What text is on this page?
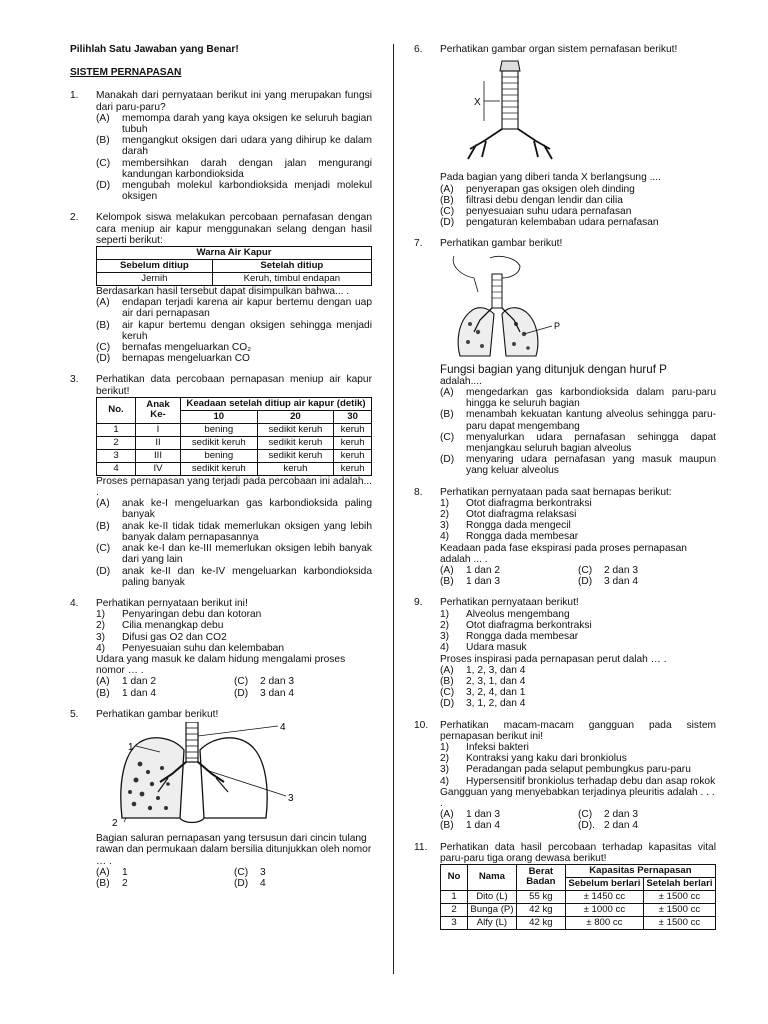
Pilihlah Satu Jawaban yang Benar!
SISTEM PERNAPASAN
1. Manakah dari pernyataan berikut ini yang merupakan fungsi dari paru-paru?
(A) memompa darah yang kaya oksigen ke seluruh bagian tubuh
(B) mengangkut oksigen dari udara yang dihirup ke dalam darah
(C) membersihkan darah dengan jalan mengurangi kandungan karbondioksida
(D) mengubah molekul karbondioksida menjadi molekul oksigen
2. Kelompok siswa melakukan percobaan pernafasan dengan cara meniup air kapur menggunakan selang dengan hasil seperti berikut:
Warna Air Kapur	
Sebelum ditiup	Setelah ditiup
Jernih	Keruh, timbul endapan
Berdasarkan hasil tersebut dapat disimpulkan bahwa... .
(A) endapan terjadi karena air kapur bertemu dengan uap air dari pernapasan
(B) air kapur bertemu dengan oksigen sehingga menjadi keruh
(C) bernafas mengeluarkan CO₂
(D) bernapas mengeluarkan CO
3. Perhatikan data percobaan pernapasan meniup air kapur berikut!
No.	Anak Ke-	Keadaan setelah ditiup air kapur (detik)		
		10	20	30
1	I	bening	sedikit keruh	keruh
2	II	sedikit keruh	sedikit keruh	keruh
3	III	bening	sedikit keruh	keruh
4	IV	sedikit keruh	keruh	keruh
Proses pernapasan yang terjadi pada percobaan ini adalah... .
(A) anak ke-I mengeluarkan gas karbondioksida paling banyak
(B) anak ke-II tidak tidak memerlukan oksigen yang lebih banyak dalam pernapasannya
(C) anak ke-I dan ke-III memerlukan oksigen lebih banyak dari yang lain
(D) anak ke-II dan ke-IV mengeluarkan karbondioksida paling banyak
4. Perhatikan pernyataan berikut ini!
1) Penyaringan debu dan kotoran
2) Cilia menangkap debu
3) Difusi gas O2 dan CO2
4) Penyesuaian suhu dan kelembaban
Udara yang masuk ke dalam hidung mengalami proses nomor … .
(A) 1 dan 2	(C) 2 dan 3
(B) 1 dan 4	(D) 3 dan 4
5. Perhatikan gambar berikut!
1
2
3
4
Bagian saluran pernapasan yang tersusun dari cincin tulang rawan dan permukaan dalam bersilia ditunjukkan oleh nomor … .
(A) 1	(C) 3
(B) 2	(D) 4
6. Perhatikan gambar organ sistem pernafasan berikut!
X
Pada bagian yang diberi tanda X berlangsung ....
(A) penyerapan gas oksigen oleh dinding
(B) filtrasi debu dengan lendir dan cilia
(C) penyesuaian suhu udara pernafasan
(D) pengaturan kelembaban udara pernafasan
7. Perhatikan gambar berikut!
P
Fungsi bagian yang ditunjuk dengan huruf P
adalah....
(A) mengedarkan gas karbondioksida dalam paru-paru hingga ke seluruh bagian
(B) menambah kekuatan kantung alveolus sehingga paru-paru dapat mengembang
(C) menyalurkan udara pernafasan sehingga dapat menjangkau seluruh bagian alveolus
(D) menyaring udara pernafasan yang masuk maupun yang keluar alveolus
8. Perhatikan pernyataan pada saat bernapas berikut:
1) Otot diafragma berkontraksi
2) Otot diafragma relaksasi
3) Rongga dada mengecil
4) Rongga dada membesar
Keadaan pada fase ekspirasi pada proses pernapasan adalah ... .
(A) 1 dan 2	(C) 2 dan 3
(B) 1 dan 3	(D) 3 dan 4
9. Perhatikan pernyataan berikut!
1) Alveolus mengembang
2) Otot diafragma berkontraksi
3) Rongga dada membesar
4) Udara masuk
Proses inspirasi pada pernapasan perut dalah … .
(A) 1, 2, 3, dan 4
(B) 2, 3, 1, dan 4
(C) 3, 2, 4, dan 1
(D) 3, 1, 2, dan 4
10. Perhatikan macam-macam gangguan pada sistem pernapasan berikut ini!
1) Infeksi bakteri
2) Kontraksi yang kaku dari bronkiolus
3) Peradangan pada selaput pembungkus paru-paru
4) Hypersensitif bronkiolus terhadap debu dan asap rokok
Gangguan yang menyebabkan terjadinya pleuritis adalah . . . .
(A) 1 dan 3	(C) 2 dan 3
(B) 1 dan 4	(D). 2 dan 4
11. Perhatikan data hasil percobaan terhadap kapasitas vital paru-paru tiga orang dewasa berikut!
No	Nama	Berat Badan	Kapasitas Pernapasan	
			Sebelum berlari	Setelah berlari
1	Dito (L)	55 kg	± 1450 cc	± 1500 cc
2	Bunga (P)	42 kg	± 1000 cc	± 1500 cc
3	Alfy (L)	42 kg	± 800 cc	± 1500 cc
